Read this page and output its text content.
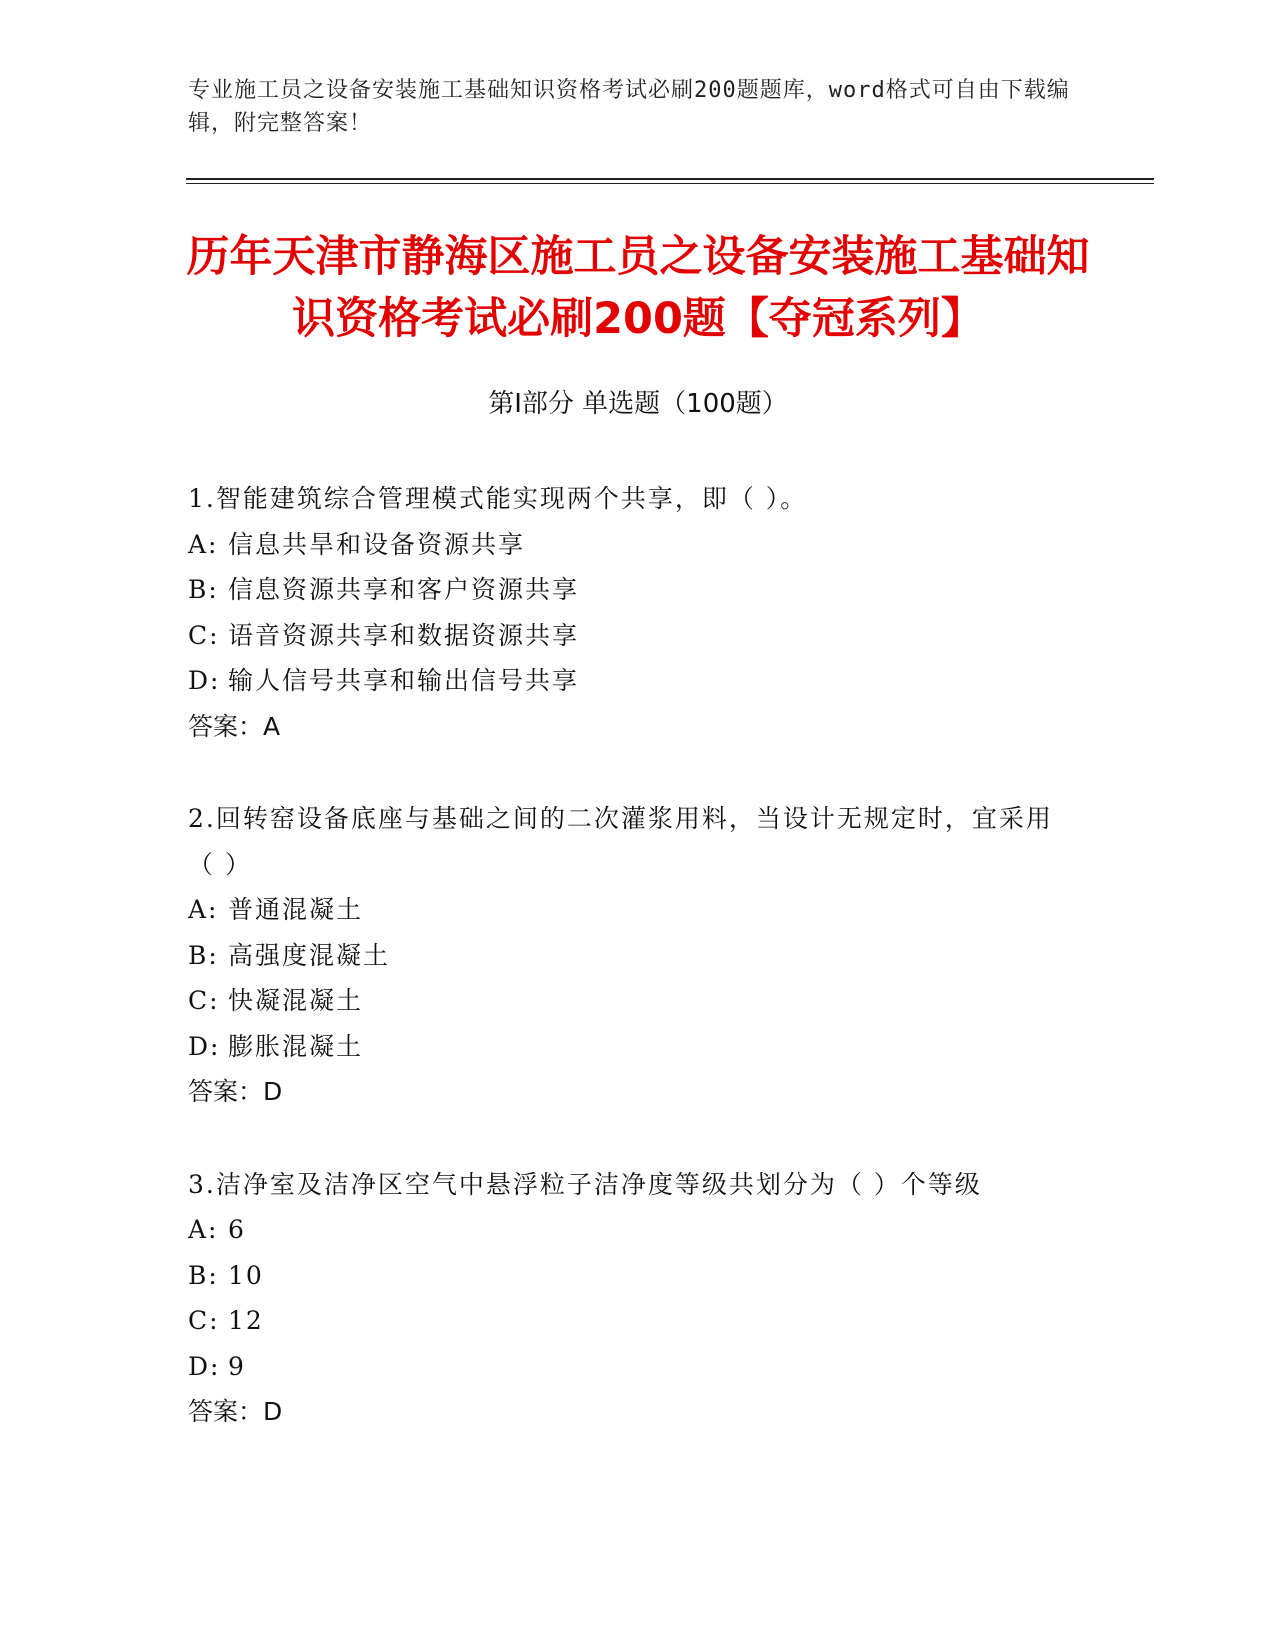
专业施工员之设备安装施工基础知识资格考试必刷200题题库，word格式可自由下载编辑，附完整答案！
历年天津市静海区施工员之设备安装施工基础知识资格考试必刷200题【夺冠系列】
第Ⅰ部分 单选题（100题）

1.智能建筑综合管理模式能实现两个共享，即（ ）。

A: 信息共旱和设备资源共享

B: 信息资源共享和客户资源共享

C: 语音资源共享和数据资源共享

D: 输人信号共享和输出信号共享

答案：A

2.回转窑设备底座与基础之间的二次灌浆用料，当设计无规定时，宜采用（ ）

A: 普通混凝土

B: 高强度混凝土

C: 快凝混凝土

D: 膨胀混凝土

答案：D

3.洁净室及洁净区空气中悬浮粒子洁净度等级共划分为（ ）个等级

A: 6

B: 10

C: 12

D: 9

答案：D
